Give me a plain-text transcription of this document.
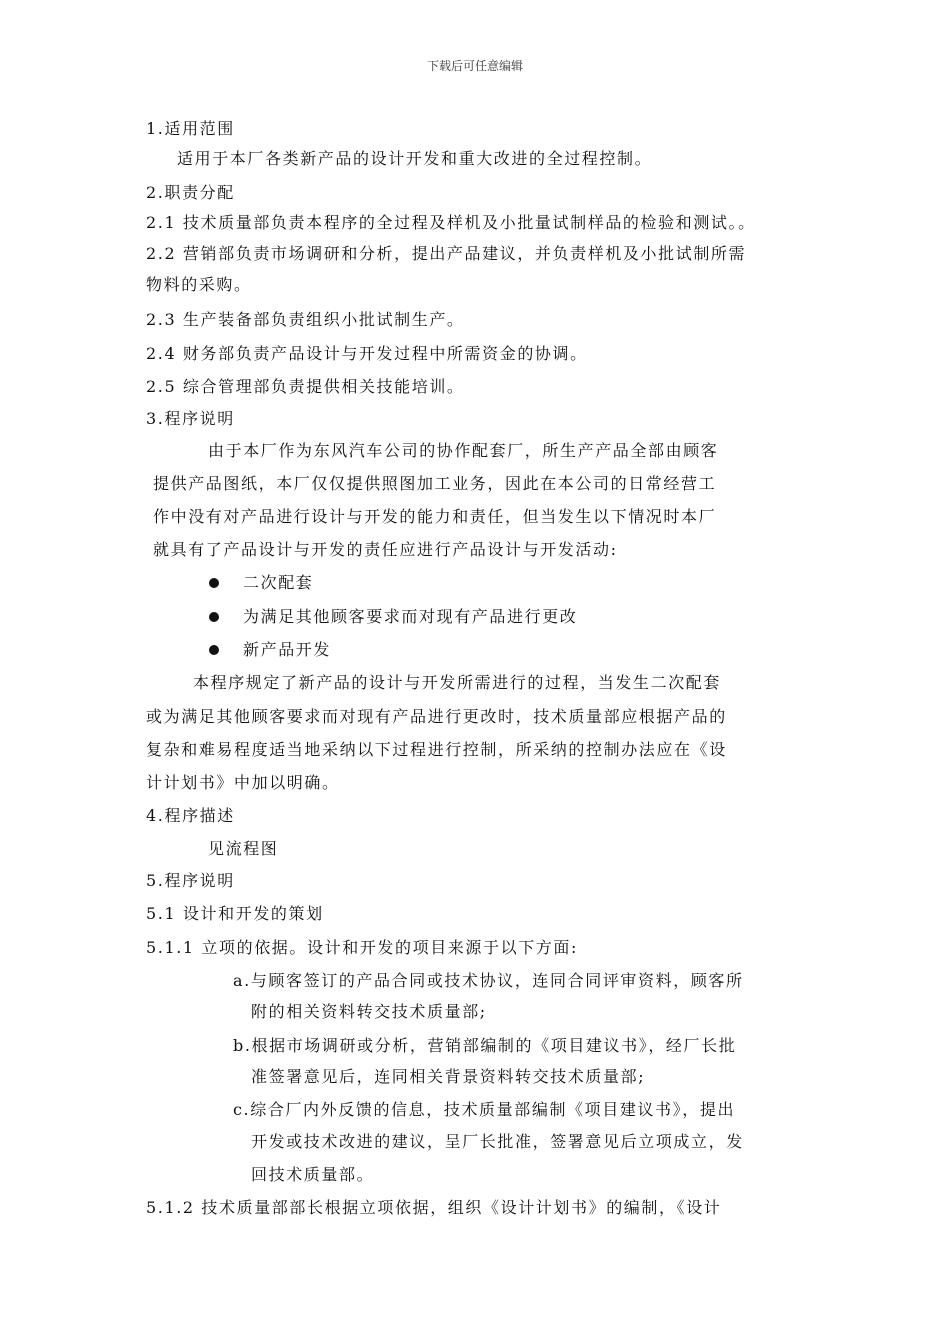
下载后可任意编辑
1.适用范围
适用于本厂各类新产品的设计开发和重大改进的全过程控制。
2.职责分配
2.1 技术质量部负责本程序的全过程及样机及小批量试制样品的检验和测试。。
2.2 营销部负责市场调研和分析，提出产品建议，并负责样机及小批试制所需
物料的采购。
2.3 生产装备部负责组织小批试制生产。
2.4 财务部负责产品设计与开发过程中所需资金的协调。
2.5 综合管理部负责提供相关技能培训。
3.程序说明
由于本厂作为东风汽车公司的协作配套厂，所生产产品全部由顾客
提供产品图纸，本厂仅仅提供照图加工业务，因此在本公司的日常经营工
作中没有对产品进行设计与开发的能力和责任，但当发生以下情况时本厂
就具有了产品设计与开发的责任应进行产品设计与开发活动:
二次配套
为满足其他顾客要求而对现有产品进行更改
新产品开发
本程序规定了新产品的设计与开发所需进行的过程，当发生二次配套
或为满足其他顾客要求而对现有产品进行更改时，技术质量部应根据产品的
复杂和难易程度适当地采纳以下过程进行控制，所采纳的控制办法应在《设
计计划书》中加以明确。
4.程序描述
见流程图
5.程序说明
5.1 设计和开发的策划
5.1.1 立项的依据。设计和开发的项目来源于以下方面:
a.与顾客签订的产品合同或技术协议，连同合同评审资料，顾客所
附的相关资料转交技术质量部;
b.根据市场调研或分析，营销部编制的《项目建议书》，经厂长批
准签署意见后，连同相关背景资料转交技术质量部;
c.综合厂内外反馈的信息，技术质量部编制《项目建议书》，提出
开发或技术改进的建议，呈厂长批准，签署意见后立项成立，发
回技术质量部。
5.1.2 技术质量部部长根据立项依据，组织《设计计划书》的编制，《设计
